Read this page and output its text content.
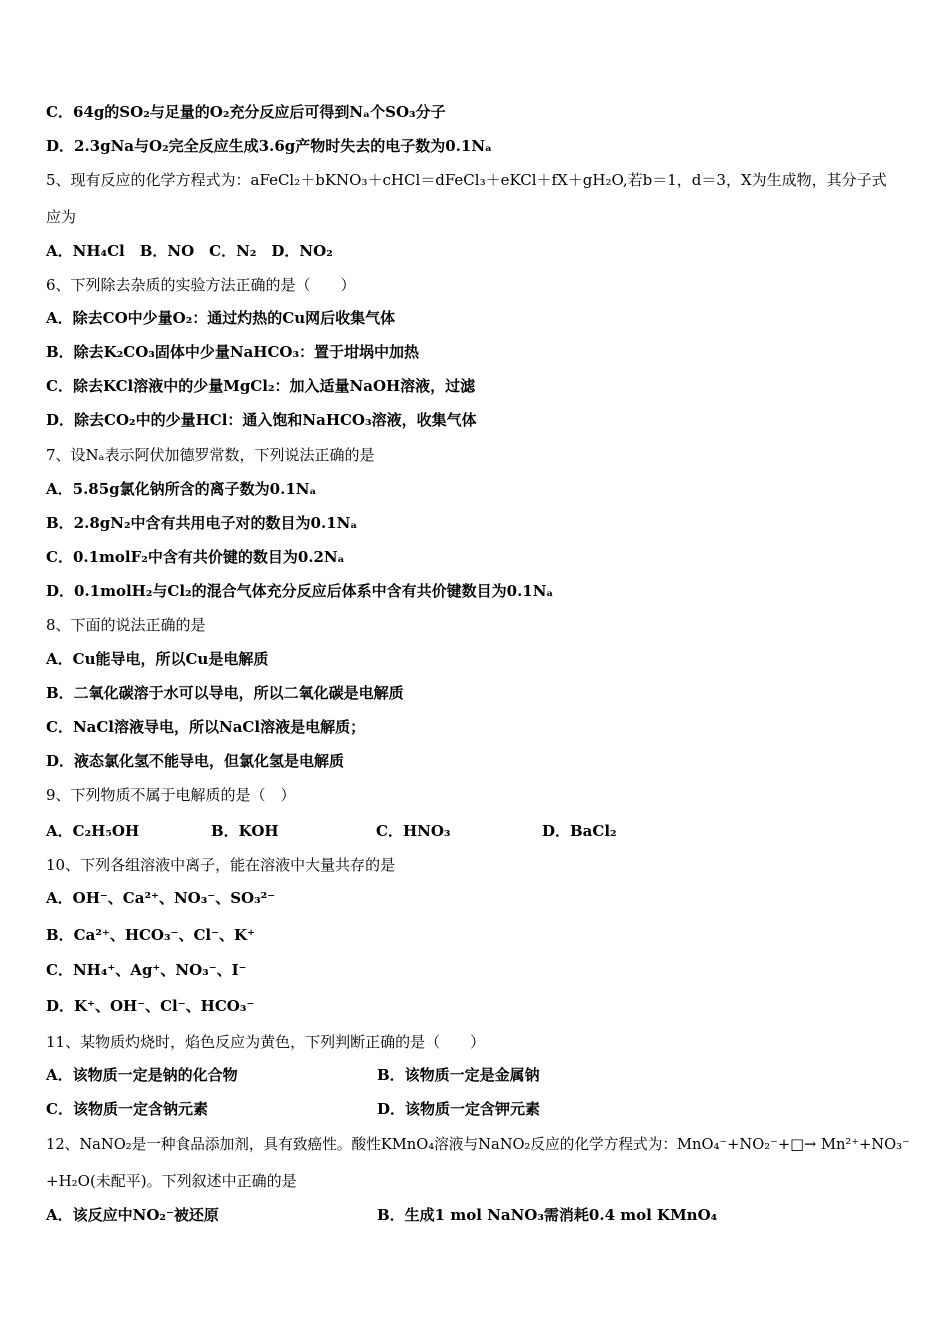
C．64g的SO₂与足量的O₂充分反应后可得到Nₐ个SO₃分子
D．2.3gNa与O₂完全反应生成3.6g产物时失去的电子数为0.1Nₐ
5、现有反应的化学方程式为：aFeCl₂＋bKNO₃＋cHCl＝dFeCl₃＋eKCl＋fX＋gH₂O,若b＝1，d＝3，X为生成物，其分子式
应为
A．NH₄Cl　B．NO　C．N₂　D．NO₂
6、下列除去杂质的实验方法正确的是（　　）
A．除去CO中少量O₂：通过灼热的Cu网后收集气体
B．除去K₂CO₃固体中少量NaHCO₃：置于坩埚中加热
C．除去KCl溶液中的少量MgCl₂：加入适量NaOH溶液，过滤
D．除去CO₂中的少量HCl：通入饱和NaHCO₃溶液，收集气体
7、设Nₐ表示阿伏加德罗常数，下列说法正确的是
A．5.85g氯化钠所含的离子数为0.1Nₐ
B．2.8gN₂中含有共用电子对的数目为0.1Nₐ
C．0.1molF₂中含有共价键的数目为0.2Nₐ
D．0.1molH₂与Cl₂的混合气体充分反应后体系中含有共价键数目为0.1Nₐ
8、下面的说法正确的是
A．Cu能导电，所以Cu是电解质
B．二氧化碳溶于水可以导电，所以二氧化碳是电解质
C．NaCl溶液导电，所以NaCl溶液是电解质；
D．液态氯化氢不能导电，但氯化氢是电解质
9、下列物质不属于电解质的是（　）
A．C₂H₅OH	B．KOH	C．HNO₃	D．BaCl₂
10、下列各组溶液中离子，能在溶液中大量共存的是
A．OH⁻、Ca²⁺、NO₃⁻、SO₃²⁻
B．Ca²⁺、HCO₃⁻、Cl⁻、K⁺
C．NH₄⁺、Ag⁺、NO₃⁻、I⁻
D．K⁺、OH⁻、Cl⁻、HCO₃⁻
11、某物质灼烧时，焰色反应为黄色，下列判断正确的是（　　）
A．该物质一定是钠的化合物	B．该物质一定是金属钠
C．该物质一定含钠元素	D．该物质一定含钾元素
12、NaNO₂是一种食品添加剂，具有致癌性。酸性KMnO₄溶液与NaNO₂反应的化学方程式为：MnO₄⁻+NO₂⁻+□→ Mn²⁺+NO₃⁻
+H₂O(未配平)。下列叙述中正确的是
A．该反应中NO₂⁻被还原	B．生成1 mol NaNO₃需消耗0.4 mol KMnO₄
